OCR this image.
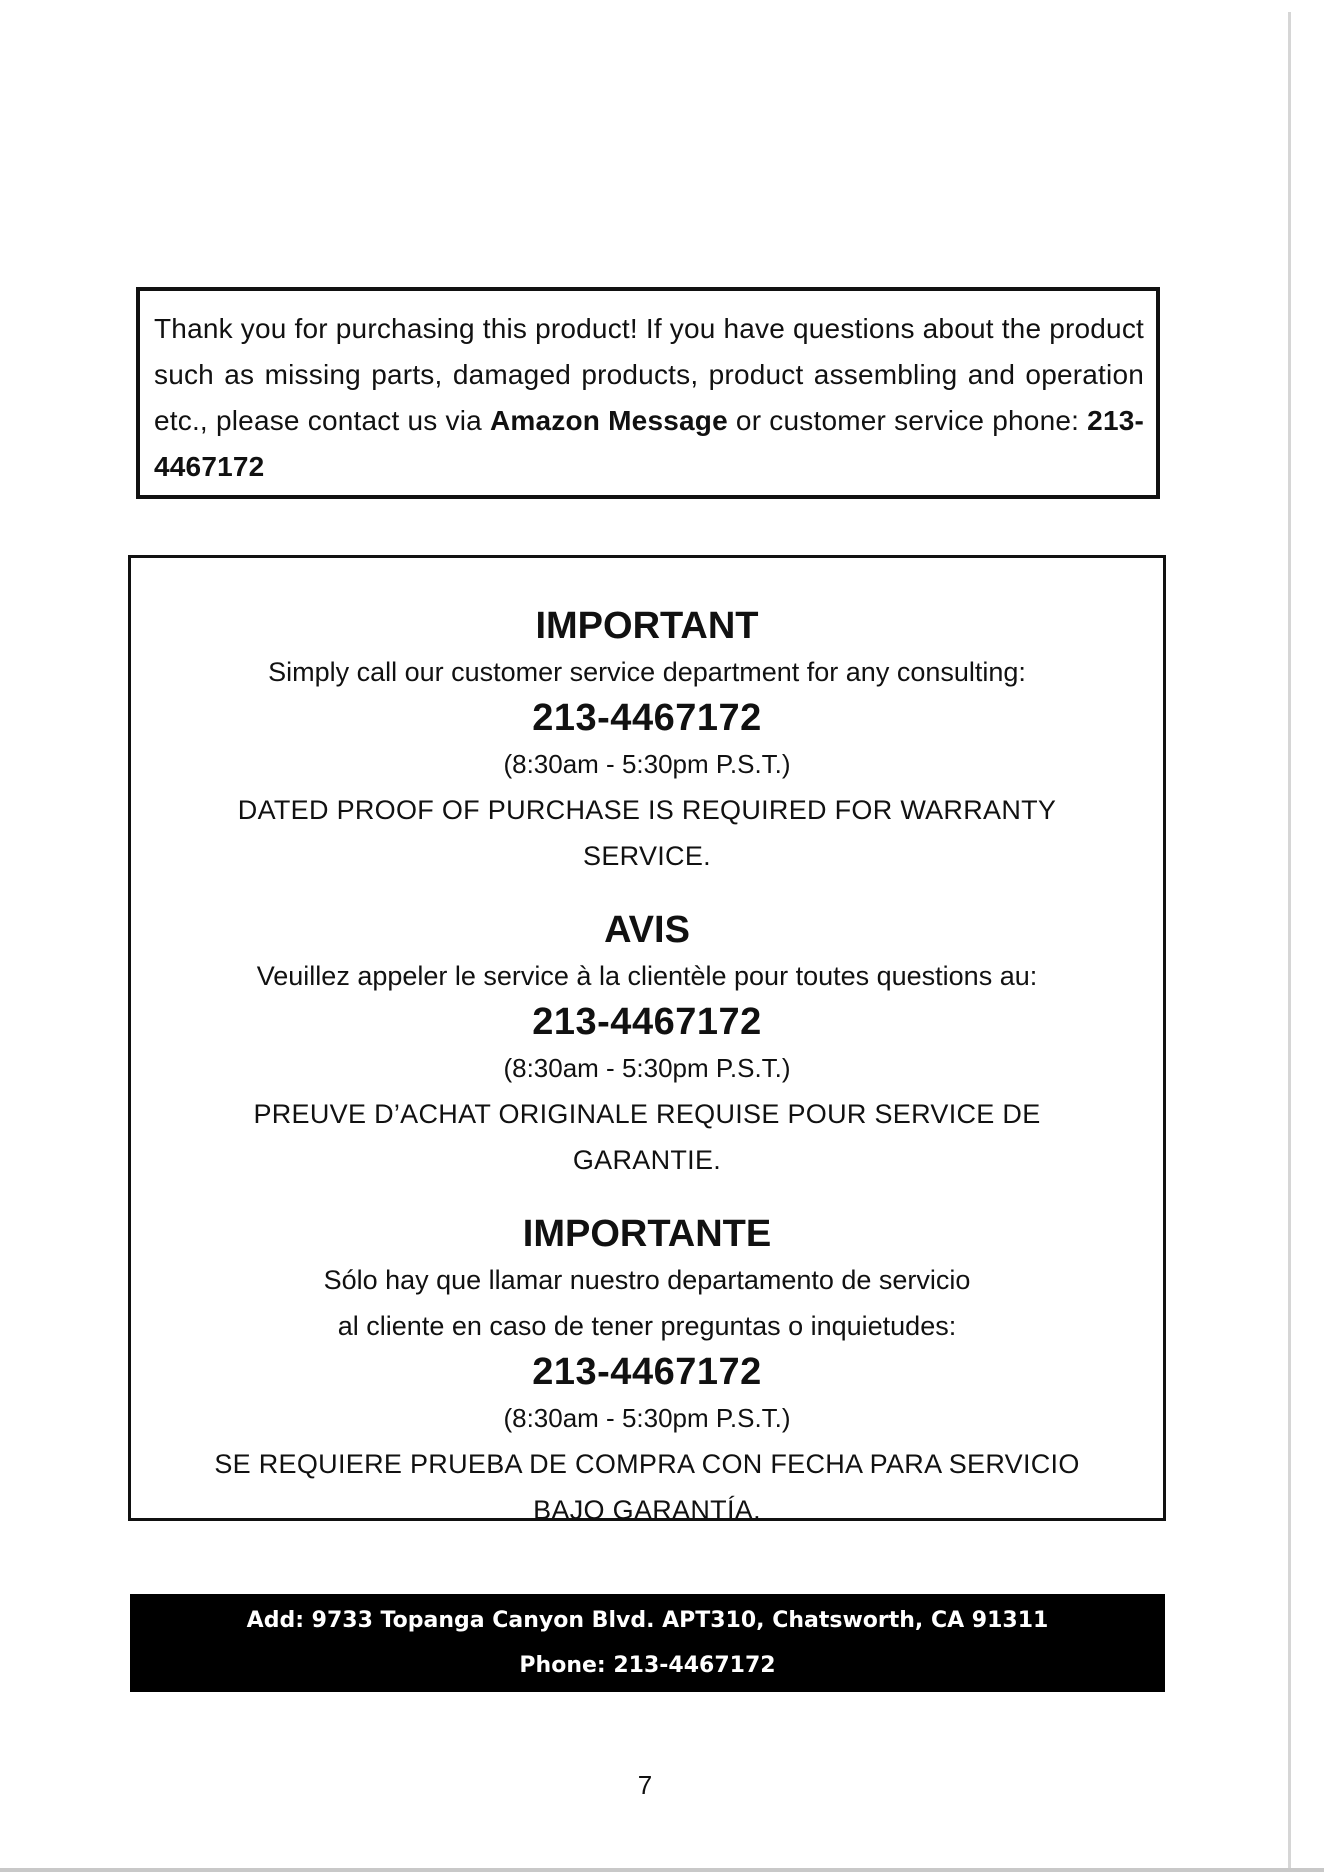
Thank you for purchasing this product! If you have questions about the product such as missing parts, damaged products, product assembling and operation etc., please contact us via Amazon Message or customer service phone: 213-4467172

IMPORTANT
Simply call our customer service department for any consulting:
213-4467172
(8:30am - 5:30pm P.S.T.)
DATED PROOF OF PURCHASE IS REQUIRED FOR WARRANTY
SERVICE.
AVIS
Veuillez appeler le service à la clientèle pour toutes questions au:
213-4467172
(8:30am - 5:30pm P.S.T.)
PREUVE D’ACHAT ORIGINALE REQUISE POUR SERVICE DE
GARANTIE.
IMPORTANTE
Sólo hay que llamar nuestro departamento de servicio
al cliente en caso de tener preguntas o inquietudes:
213-4467172
(8:30am - 5:30pm P.S.T.)
SE REQUIERE PRUEBA DE COMPRA CON FECHA PARA SERVICIO
BAJO GARANTÍA.
Add: 9733 Topanga Canyon Blvd. APT310, Chatsworth, CA 91311
Phone: 213-4467172
7
